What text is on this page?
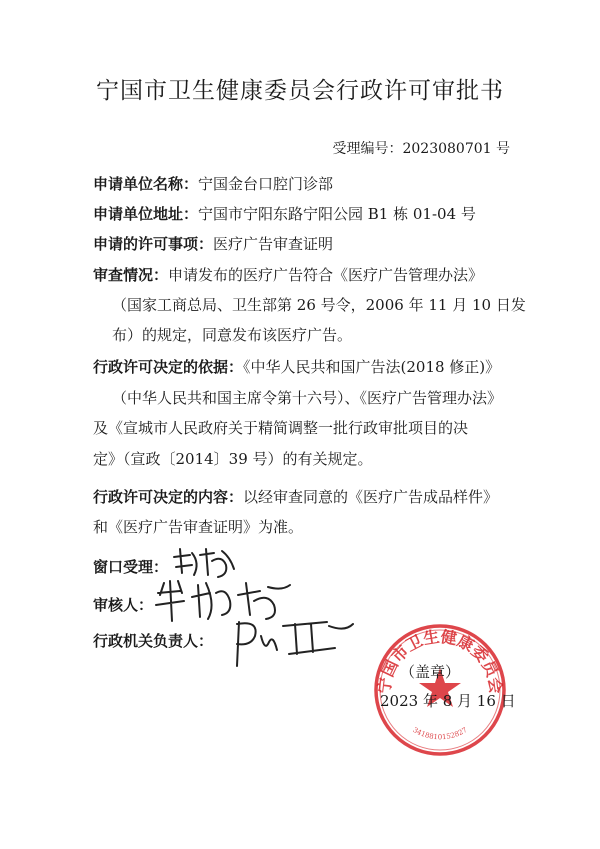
宁国市卫生健康委员会行政许可审批书
受理编号：2023080701 号
申请单位名称：宁国金台口腔门诊部
申请单位地址：宁国市宁阳东路宁阳公园 B1 栋 01-04 号
申请的许可事项：医疗广告审查证明
审查情况：申请发布的医疗广告符合《医疗广告管理办法》
（国家工商总局、卫生部第 26 号令，2006 年 11 月 10 日发
布）的规定，同意发布该医疗广告。
行政许可决定的依据：《中华人民共和国广告法(2018 修正)》
（中华人民共和国主席令第十六号）、《医疗广告管理办法》
及《宣城市人民政府关于精简调整一批行政审批项目的决
定》（宣政〔2014〕39 号）的有关规定。
行政许可决定的内容：以经审查同意的《医疗广告成品样件》
和《医疗广告审查证明》为准。
窗口受理：
审核人：
行政机关负责人：
宁国市卫生健康委员会
3418810152827
（盖章）
2023 年 8 月 16 日
